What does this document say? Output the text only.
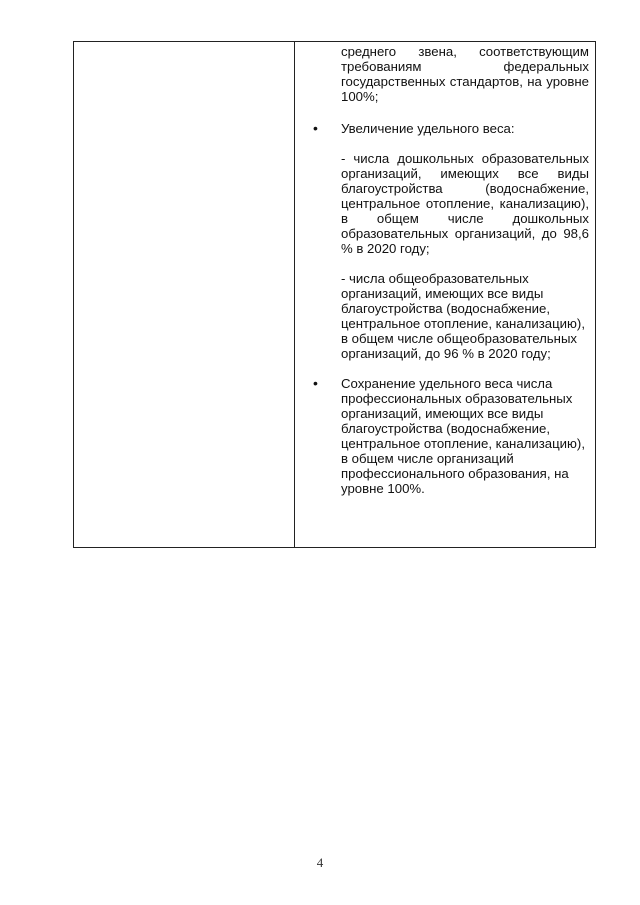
среднего звена, соответствующим требованиям федеральных государственных стандартов, на уровне 100%;

• Увеличение удельного веса:

- числа дошкольных образовательных организаций, имеющих все виды благоустройства (водоснабжение, центральное отопление, канализацию), в общем числе дошкольных образовательных организаций, до 98,6 % в 2020 году;

- числа общеобразовательных организаций, имеющих все виды благоустройства (водоснабжение, центральное отопление, канализацию), в общем числе общеобразовательных организаций, до 96 % в 2020 году;

• Сохранение удельного веса числа профессиональных образовательных организаций, имеющих все виды благоустройства (водоснабжение, центральное отопление, канализацию), в общем числе организаций профессионального образования, на уровне 100%.
4
